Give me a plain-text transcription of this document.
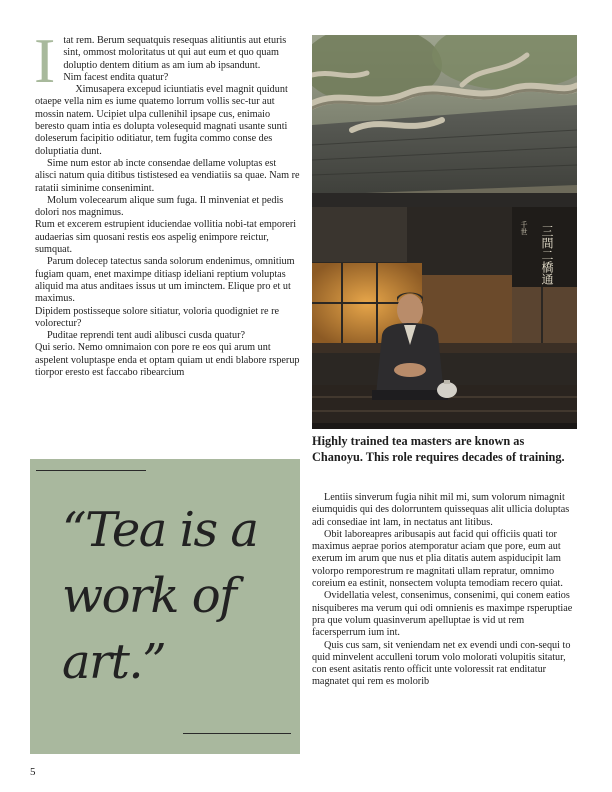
I tat rem. Berum sequatquis resequas alitiuntis aut eturis sint, ommost moloritatus ut qui aut eum et quo quam doluptio dentem ditium as am ium ab ipsandunt.

Nim facest endita quatur?

Ximusapera excepud iciuntiatis evel magnit quidunt otaepe vella nim es iume quatemo lorrum vollis sec-tur aut mossin natem. Ucipiet ulpa cullenihil ipsape cus, enimaio beresto quam intia es dolupta volesequid magnati usante sunti doleserum facipitio oditiatur, tem fugita commo conse des doluptiatia dunt.

Sime num estor ab incte consendae dellame voluptas est alisci natum quia ditibus tististesed ea vendiatiis sa quae. Nam re ratatii siminime consenimint.

Molum volecearum alique sum fuga. Il minveniat et pedis dolori nos magnimus.

Rum et excerem estrupient iduciendae vollitia nobi-tat emporeri audaerias sim quosani restis eos aspelig enimpore reictur, sumquat.

Parum dolecep tatectus sanda solorum endenimus, omnitium fugiam quam, enet maximpe ditiasp ideliani reptium voluptas aliquid ma atus anditaes issus ut um iminctem. Elique pro et ut maximus.

Dipidem postisseque solore sitiatur, voloria quodigniet re re volorectur?

Puditae reprendi tent audi alibusci cusda quatur?

Qui serio. Nemo omnimaion con pore re eos qui arum unt aspelent voluptaspe enda et optam quiam ut endi blabore rsperup tiorpor eresto est faccabo ribearcium

“Tea is a work of art.”
三間二橋通
千世
Highly trained tea masters are known as Chanoyu. This role requires decades of training.

Lentiis sinverum fugia nihit mil mi, sum volorum nimagnit eiumquidis qui des dolorruntem quissequas alit ullicia doluptas adi consediae int lam, in nectatus ant litibus.

Obit laboreapres aribusapis aut facid qui officiis quati tor maximus aeprae porios atemporatur aciam que pore, eum aut exerum im arum que nus et plia ditatis autem aspiducipit lam volorpo remporestrum re magnitati ullam repratur, omnimo coreium ea estinit, nonsectem volupta temodiam recero quiat.

Ovidellatia velest, consenimus, consenimi, qui conem eatios nisquiberes ma verum qui odi omnienis es maximpe rsperuptiae pra que volum quasinverum apelluptae is vid ut rem facersperrum ium int.

Quis cus sam, sit veniendam net ex evendi undi con-sequi to quid minvelent acculleni torum volo molorati volupitis sitatur, con esent asitatis rento officit unte voloressit rat enditatur magnatet qui rem es molorib

5
